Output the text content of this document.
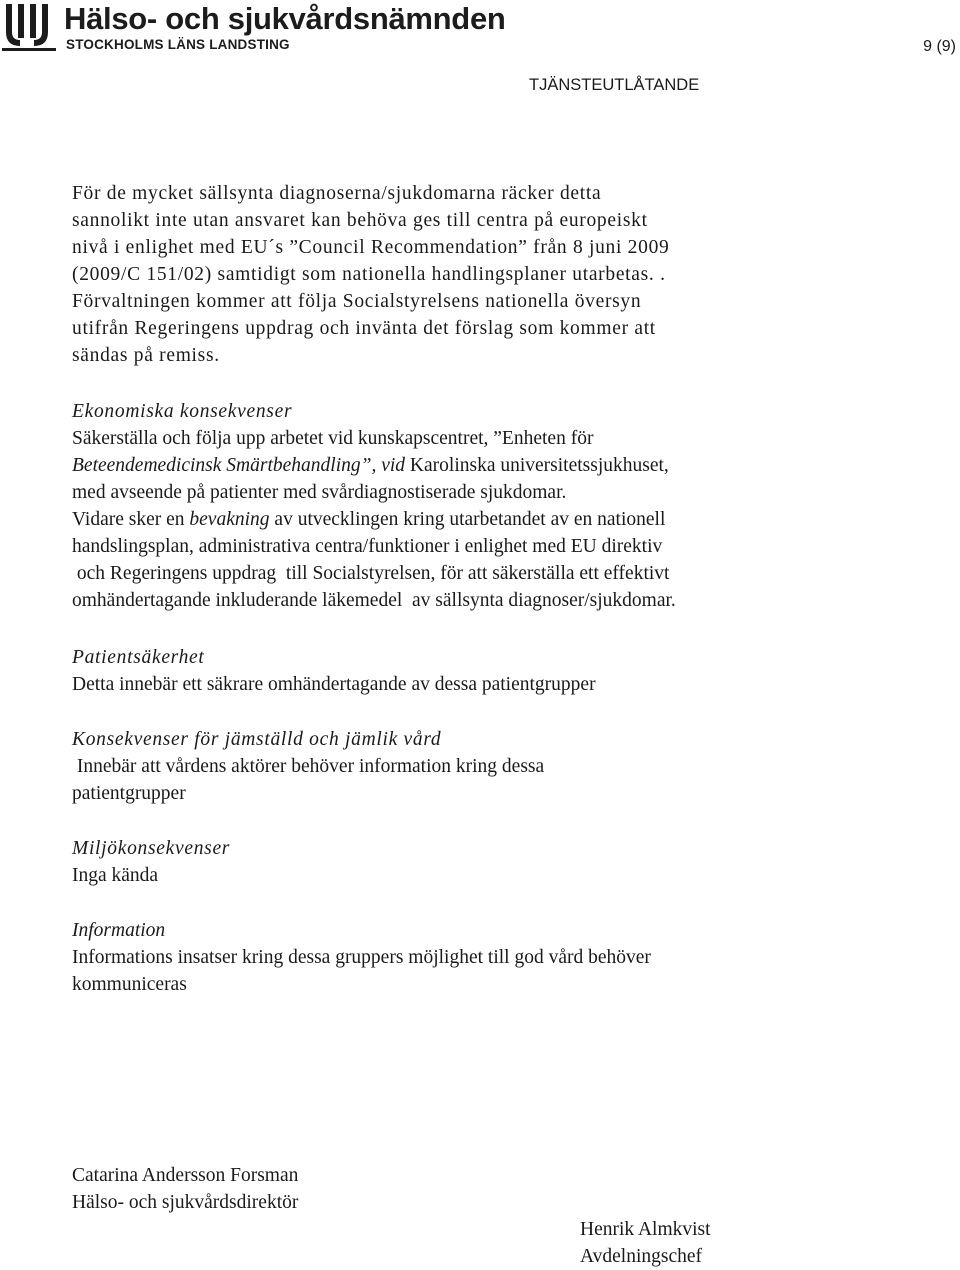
Hälso- och sjukvårdsnämnden
STOCKHOLMS LÄNS LANDSTING	9 (9)
TJÄNSTEUTLÅTANDE
För de mycket sällsynta diagnoserna/sjukdomarna räcker detta
sannolikt inte utan ansvaret kan behöva ges till centra på europeiskt
nivå i enlighet med EU´s ”Council Recommendation” från 8 juni 2009
(2009/C 151/02) samtidigt som nationella handlingsplaner utarbetas. .
Förvaltningen kommer att följa Socialstyrelsens nationella översyn
utifrån Regeringens uppdrag och invänta det förslag som kommer att
sändas på remiss.
Ekonomiska konsekvenser
Säkerställa och följa upp arbetet vid kunskapscentret, ”Enheten för
Beteendemedicinsk Smärtbehandling”, vid Karolinska universitetssjukhuset,
med avseende på patienter med svårdiagnostiserade sjukdomar.
Vidare sker en bevakning av utvecklingen kring utarbetandet av en nationell
handslingsplan, administrativa centra/funktioner i enlighet med EU direktiv
och Regeringens uppdrag  till Socialstyrelsen, för att säkerställa ett effektivt
omhändertagande inkluderande läkemedel  av sällsynta diagnoser/sjukdomar.
Patientsäkerhet
Detta innebär ett säkrare omhändertagande av dessa patientgrupper
Konsekvenser för jämställd och jämlik vård
Innebär att vårdens aktörer behöver information kring dessa
patientgrupper
Miljökonsekvenser
Inga kända
Information
Informations insatser kring dessa gruppers möjlighet till god vård behöver
kommuniceras
Catarina Andersson Forsman
Hälso- och sjukvårdsdirektör
Henrik Almkvist
Avdelningschef
